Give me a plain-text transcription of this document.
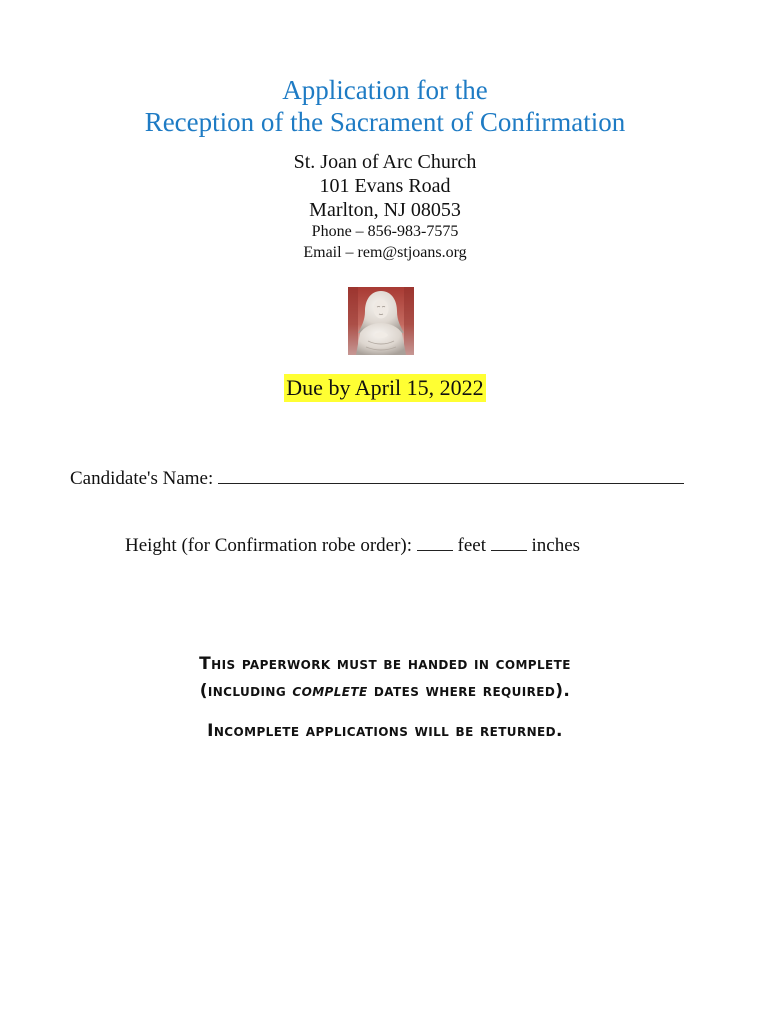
Application for the
Reception of the Sacrament of Confirmation
St. Joan of Arc Church
101 Evans Road
Marlton, NJ 08053
Phone – 856-983-7575
Email – rem@stjoans.org
Due by April 15, 2022
Candidate's Name:
Height (for Confirmation robe order): feet inches
This paperwork must be handed in complete
(including complete dates where required).
Incomplete applications will be returned.
